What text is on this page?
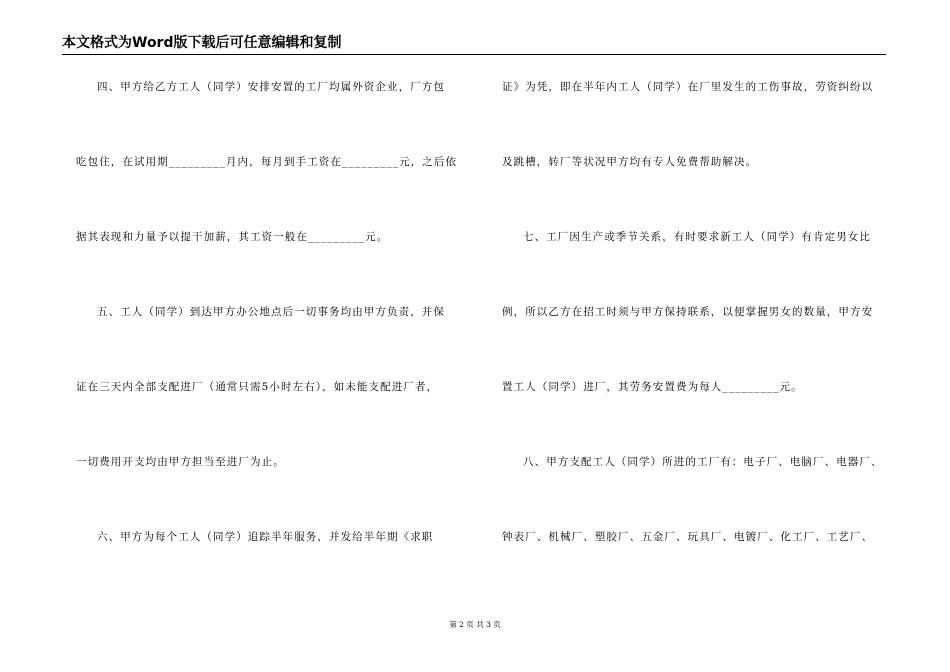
本文格式为Word版下载后可任意编辑和复制
四、甲方给乙方工人（同学）安排安置的工厂均属外资企业，厂方包
吃包住，在试用期_________月内，每月到手工资在_________元，之后依
据其表现和力量予以提干加薪，其工资一般在_________元。
五、工人（同学）到达甲方办公地点后一切事务均由甲方负责，并保
证在三天内全部支配进厂（通常只需5小时左右），如未能支配进厂者，
一切费用开支均由甲方担当至进厂为止。
六、甲方为每个工人（同学）追踪半年服务，并发给半年期《求职
证》为凭，即在半年内工人（同学）在厂里发生的工伤事故，劳资纠纷以
及跳槽，转厂等状况甲方均有专人免费帮助解决。
七、工厂因生产或季节关系，有时要求新工人（同学）有肯定男女比
例，所以乙方在招工时须与甲方保持联系，以便掌握男女的数量，甲方安
置工人（同学）进厂，其劳务安置费为每人_________元。
八、甲方支配工人（同学）所进的工厂有：电子厂、电脑厂、电器厂、
钟表厂、机械厂、塑胶厂、五金厂、玩具厂、电镀厂、化工厂、工艺厂、
第 2 页 共 3 页
